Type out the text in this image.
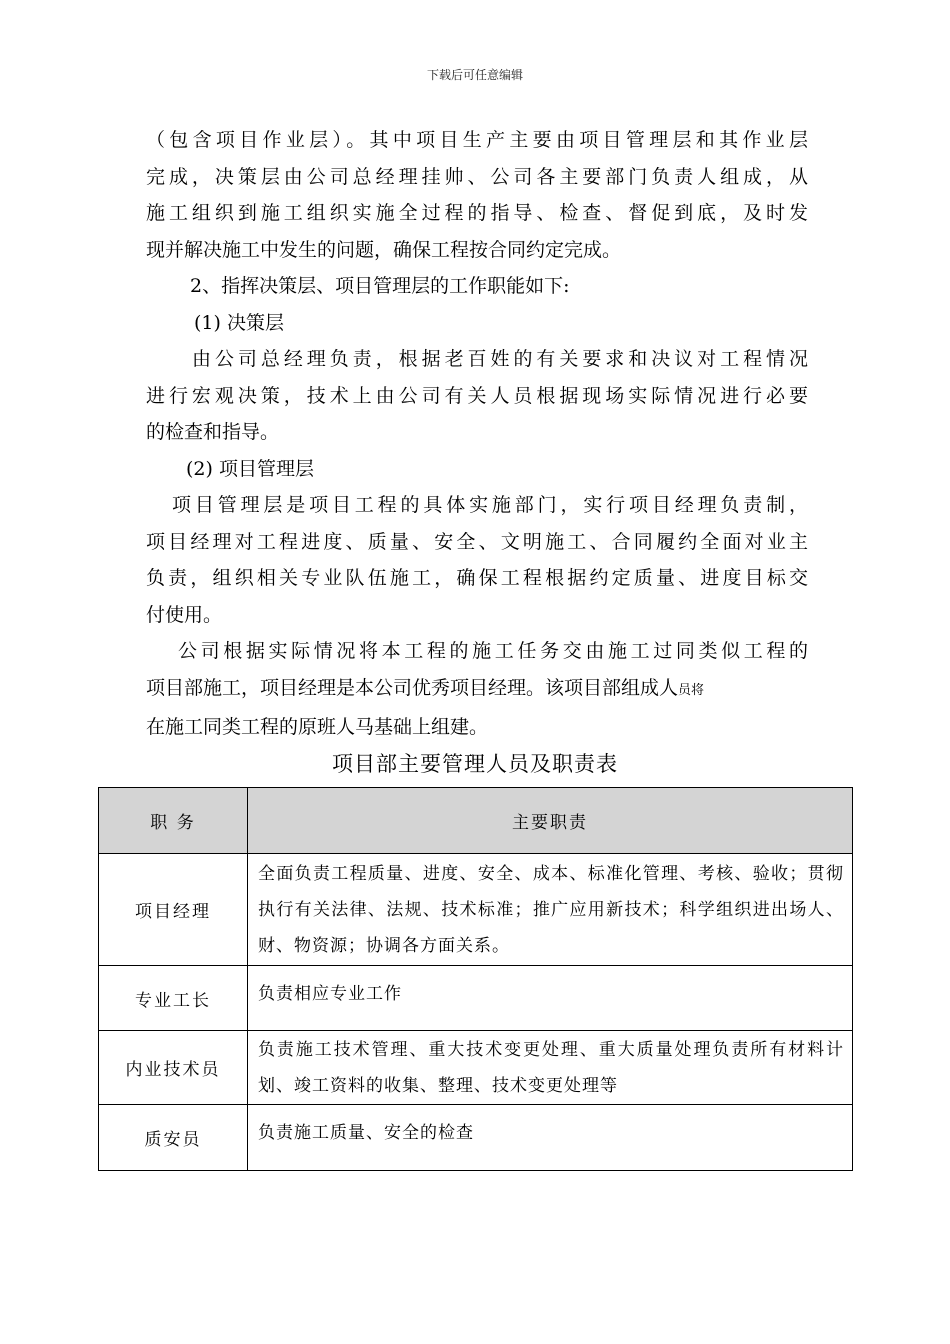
下载后可任意编辑

（包含项目作业层）。其中项目生产主要由项目管理层和其作业层
完成，决策层由公司总经理挂帅、公司各主要部门负责人组成，从
施工组织到施工组织实施全过程的指导、检查、督促到底，及时发
现并解决施工中发生的问题，确保工程按合同约定完成。

2、指挥决策层、项目管理层的工作职能如下:

(1) 决策层

由公司总经理负责，根据老百姓的有关要求和决议对工程情况
进行宏观决策，技术上由公司有关人员根据现场实际情况进行必要
的检查和指导。

(2) 项目管理层

项目管理层是项目工程的具体实施部门，实行项目经理负责制，
项目经理对工程进度、质量、安全、文明施工、合同履约全面对业主
负责，组织相关专业队伍施工，确保工程根据约定质量、进度目标交
付使用。

公司根据实际情况将本工程的施工任务交由施工过同类似工程的
项目部施工，项目经理是本公司优秀项目经理。该项目部组成人员将
在施工同类工程的原班人马基础上组建。

项目部主要管理人员及职责表
职 务	主要职责
项目经理	全面负责工程质量、进度、安全、成本、标准化管理、考核、验收；贯彻执行有关法律、法规、技术标准；推广应用新技术；科学组织进出场人、财、物资源；协调各方面关系。
专业工长	负责相应专业工作
内业技术员	负责施工技术管理、重大技术变更处理、重大质量处理负责所有材料计划、竣工资料的收集、整理、技术变更处理等
质安员	负责施工质量、安全的检查
